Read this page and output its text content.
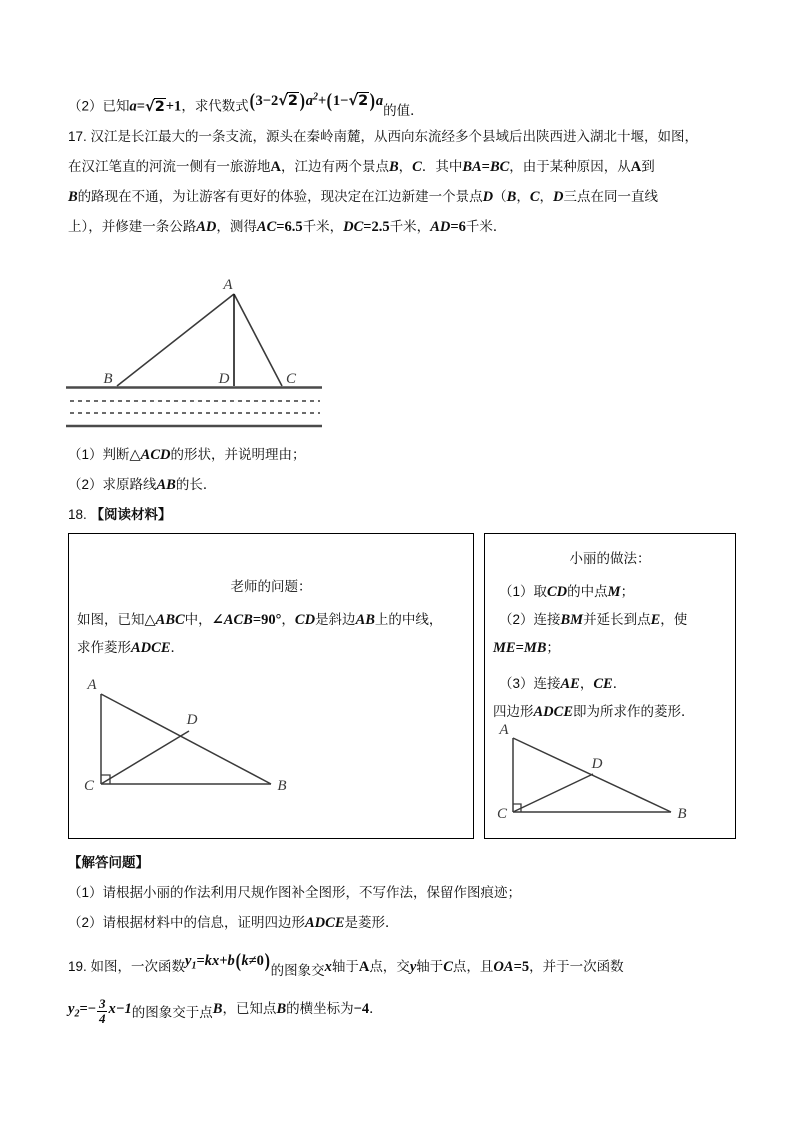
（2）已知a=√2+1，求代数式$(3-2√2)a^2+(1-√2)a$的值．
17. 汉江是长江最大的一条支流，源头在秦岭南麓，从西向东流经多个县域后出陕西进入湖北十堰，如图，
在汉江笔直的河流一侧有一旅游地A，江边有两个景点B，C．其中BA=BC，由于某种原因，从A到
B的路现在不通，为让游客有更好的体验，现决定在江边新建一个景点D（B，C，D三点在同一直线
上），并修建一条公路AD，测得AC=6.5千米，DC=2.5千米，AD=6千米．
A
B	D	C
（1）判断△ACD的形状，并说明理由；
（2）求原路线AB的长．
18. 【阅读材料】
老师的问题：
如图，已知△ABC中，∠ACB=90°，CD是斜边AB上的中线，
求作菱形ADCE．
A
D
C	B
小丽的做法：
（1）取CD的中点M；
（2）连接BM并延长到点E，使
ME=MB；
（3）连接AE，CE．
四边形ADCE即为所求作的菱形．
A
D
C	B
【解答问题】
（1）请根据小丽的作法利用尺规作图补全图形，不写作法，保留作图痕迹；
（2）请根据材料中的信息，证明四边形ADCE是菱形．
19. 如图，一次函数$y_1=kx+b(k\ne 0)$的图象交x轴于A点，交y轴于C点，且OA=5，并于一次函数
$y_2=- \frac{3}{4} x-1$的图象交于点B，已知点B的横坐标为−4．
